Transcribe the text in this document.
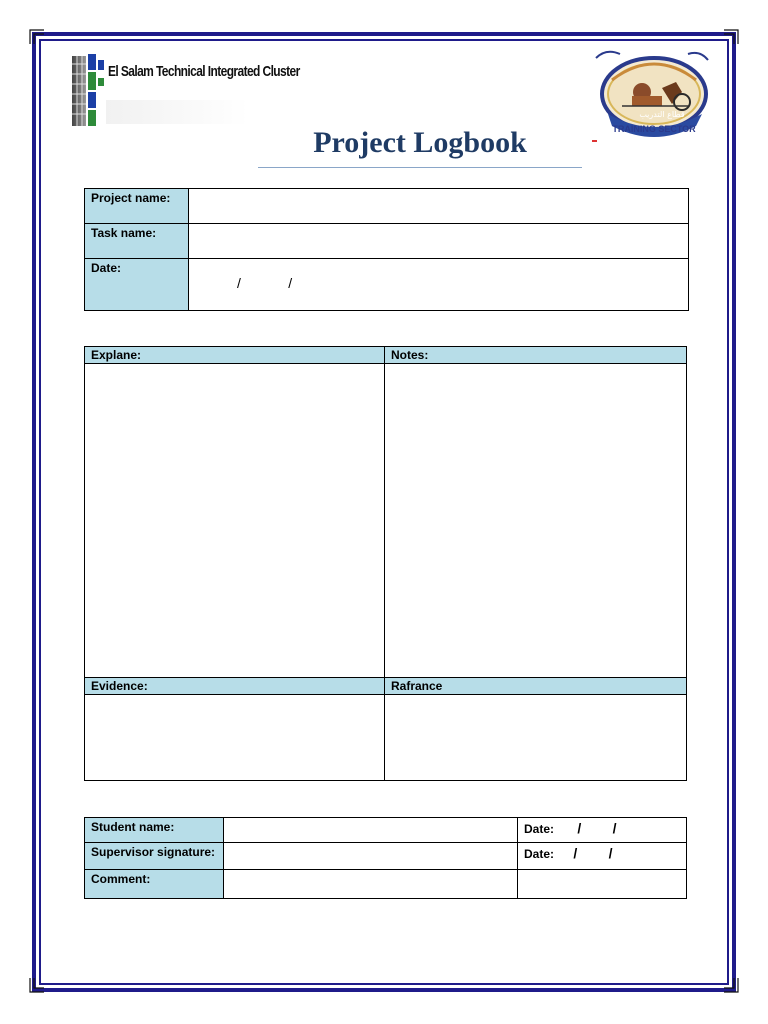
El Salam Technical Integrated Cluster
Project Logbook
قطاع التدريب
TRAINING SECTOR
Project name:	
Task name:	
Date:	/ /
Explane:	Notes:

Evidence:	Rafrance

Student name:		Date: / /
Supervisor signature:		Date: / /
Comment:		
